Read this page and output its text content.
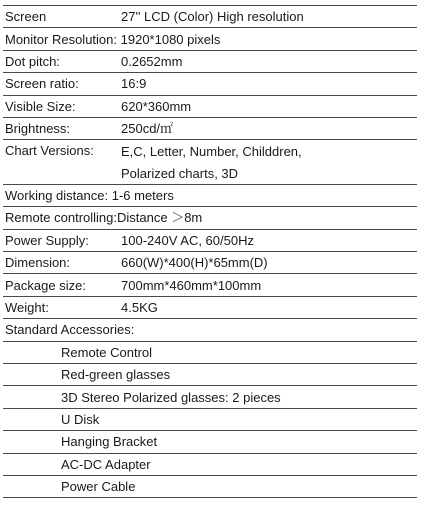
Screen	27'' LCD (Color) High resolution
Monitor Resolution: 1920*1080 pixels	
Dot pitch:	0.2652mm
Screen ratio:	16:9
Visible Size:	620*360mm
Brightness:	250cd/㎡
Chart Versions:	E,C, Letter, Number, Childdren,
Polarized charts, 3D

Working distance: 1-6 meters	
Remote controlling:Distance ＞8m	
Power Supply:	100-240V AC, 60/50Hz
Dimension:	660(W)*400(H)*65mm(D)
Package size:	700mm*460mm*100mm
Weight:	4.5KG
Standard Accessories:	
Remote Control	
Red-green glasses	
3D Stereo Polarized glasses: 2 pieces	
U Disk	
Hanging Bracket	
AC-DC Adapter	
Power Cable	
